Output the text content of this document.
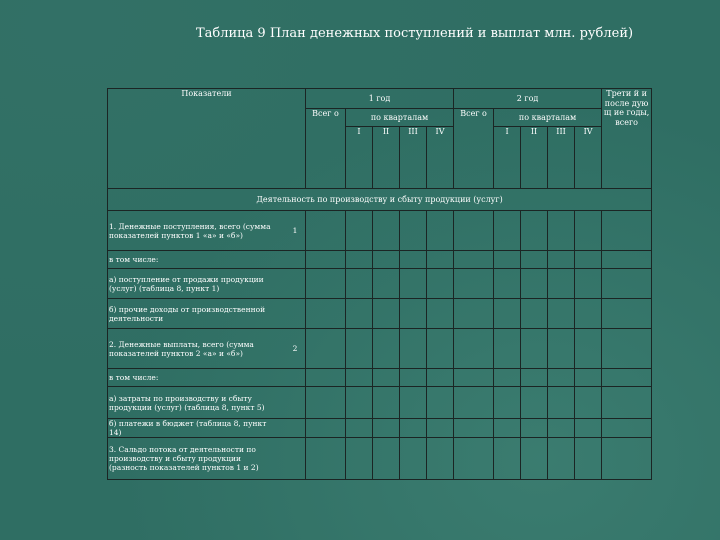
Таблица 9 План денежных поступлений и выплат млн. рублей)
Показатели	1 год					2 год					Трети й и после дующ ие годы, всего
	Всег о	по кварталам				Всег о	по кварталам				
		I	II	III	IV		I	II	III	IV	
Деятельность по производству и сбыту продукции (услуг)											

1. Денежные поступления, всего (сумма показателей пунктов 1 «а» и «б») 1											

в том числе:											

а) поступление от продажи продукции (услуг) (таблица 8, пункт 1)											

б) прочие доходы от производственной деятельности											

2. Денежные выплаты, всего (сумма показателей пунктов 2 «а» и «б») 2											

в том числе:											

а) затраты по производству и сбыту продукции (услуг) (таблица 8, пункт 5)											

б) платежи в бюджет (таблица 8, пункт 14)											

3. Сальдо потока от деятельности по производству и сбыту продукции (разность показателей пунктов 1 и 2)											
